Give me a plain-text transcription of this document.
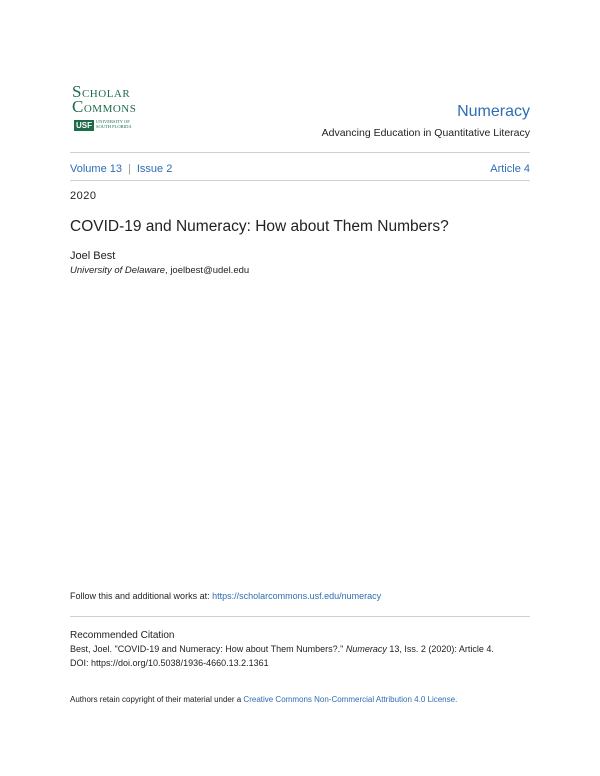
SCHOLAR
COMMONS
USF UNIVERSITY OF
SOUTH FLORIDA
Numeracy
Advancing Education in Quantitative Literacy
Volume 13 | Issue 2	Article 4
2020
COVID-19 and Numeracy: How about Them Numbers?
Joel Best
University of Delaware, joelbest@udel.edu
Follow this and additional works at: https://scholarcommons.usf.edu/numeracy
Recommended Citation
Best, Joel. "COVID-19 and Numeracy: How about Them Numbers?." Numeracy 13, Iss. 2 (2020): Article 4.
DOI: https://doi.org/10.5038/1936-4660.13.2.1361
Authors retain copyright of their material under a Creative Commons Non-Commercial Attribution 4.0 License.
